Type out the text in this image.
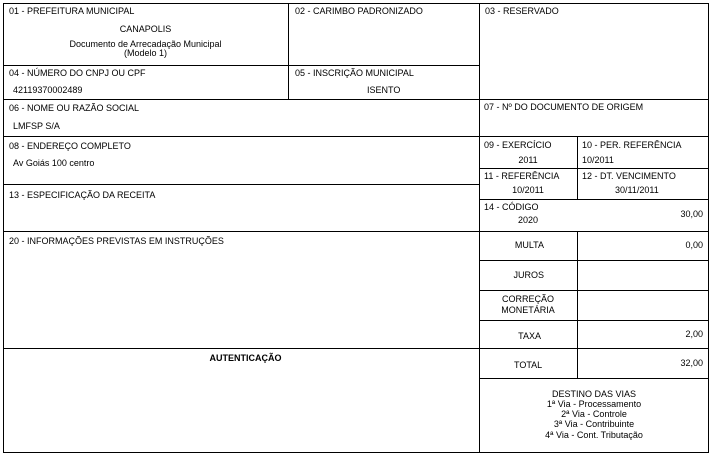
01 - PREFEITURA MUNICIPAL
CANAPOLIS
Documento de Arrecadação Municipal
(Modelo 1)
02 - CARIMBO PADRONIZADO	03 - RESERVADO
04 - NÚMERO DO CNPJ OU CPF
42119370002489
05 - INSCRIÇÃO MUNICIPAL
ISENTO
06 - NOME OU RAZÃO SOCIAL
LMFSP S/A
07 - Nº DO DOCUMENTO DE ORIGEM
08 - ENDEREÇO COMPLETO
Av Goiás 100 centro
09 - EXERCÍCIO
2011
10 - PER. REFERÊNCIA
10/2011
11 - REFERÊNCIA
10/2011
12 - DT. VENCIMENTO
30/11/2011
13 - ESPECIFICAÇÃO DA RECEITA
14 - CÓDIGO
2020
30,00
20 - INFORMAÇÕES PREVISTAS EM INSTRUÇÕES	MULTA	0,00
JUROS
CORREÇÃO
MONETÁRIA
TAXA	2,00
AUTENTICAÇÃO
TOTAL	32,00
DESTINO DAS VIAS
1ª Via - Processamento
2ª Via - Controle
3ª Via - Contribuinte
4ª Via - Cont. Tributação
